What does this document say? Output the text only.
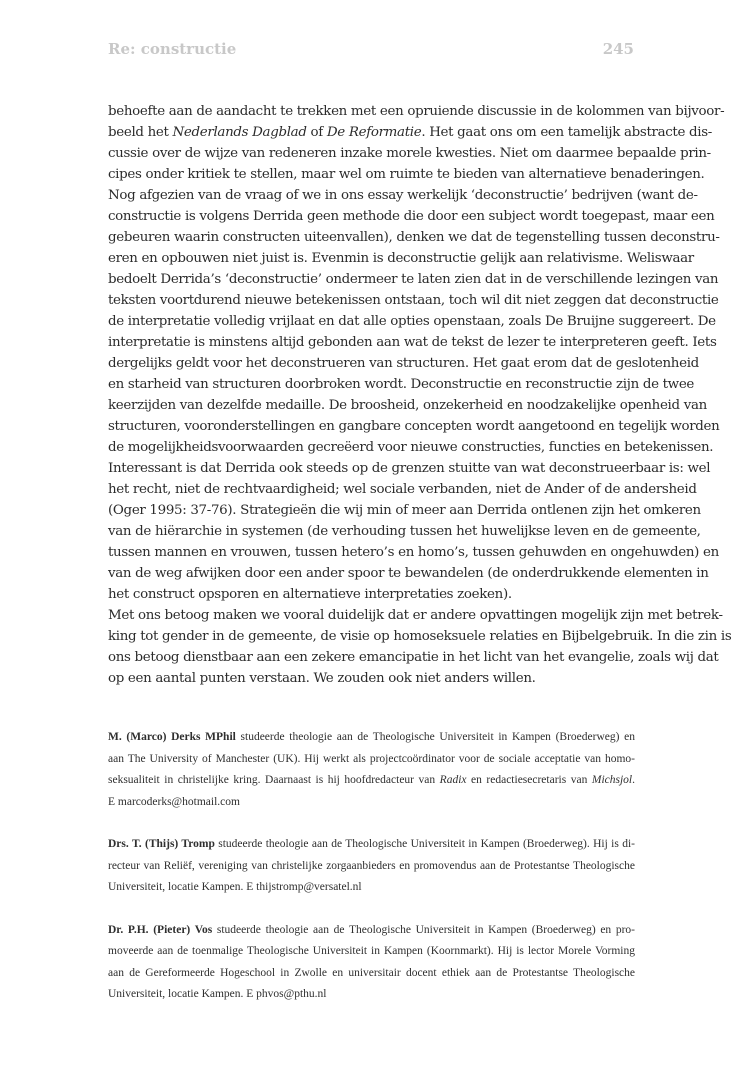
Re: constructie	245
behoefte aan de aandacht te trekken met een opruiende discussie in de kolommen van bijvoor-
beeld het Nederlands Dagblad of De Reformatie. Het gaat ons om een tamelijk abstracte dis-
cussie over de wijze van redeneren inzake morele kwesties. Niet om daarmee bepaalde prin-
cipes onder kritiek te stellen, maar wel om ruimte te bieden van alternatieve benaderingen.
Nog afgezien van de vraag of we in ons essay werkelijk ‘deconstructie’ bedrijven (want de-
constructie is volgens Derrida geen methode die door een subject wordt toegepast, maar een
gebeuren waarin constructen uiteenvallen), denken we dat de tegenstelling tussen deconstru-
eren en opbouwen niet juist is. Evenmin is deconstructie gelijk aan relativisme. Weliswaar
bedoelt Derrida’s ‘deconstructie’ ondermeer te laten zien dat in de verschillende lezingen van
teksten voortdurend nieuwe betekenissen ontstaan, toch wil dit niet zeggen dat deconstructie
de interpretatie volledig vrijlaat en dat alle opties openstaan, zoals De Bruijne suggereert. De
interpretatie is minstens altijd gebonden aan wat de tekst de lezer te interpreteren geeft. Iets
dergelijks geldt voor het deconstrueren van structuren. Het gaat erom dat de geslotenheid
en starheid van structuren doorbroken wordt. Deconstructie en reconstructie zijn de twee
keerzijden van dezelfde medaille. De broosheid, onzekerheid en noodzakelijke openheid van
structuren, vooronderstellingen en gangbare concepten wordt aangetoond en tegelijk worden
de mogelijkheidsvoorwaarden gecreëerd voor nieuwe constructies, functies en betekenissen.
Interessant is dat Derrida ook steeds op de grenzen stuitte van wat deconstrueerbaar is: wel
het recht, niet de rechtvaardigheid; wel sociale verbanden, niet de Ander of de andersheid
(Oger 1995: 37-76). Strategieën die wij min of meer aan Derrida ontlenen zijn het omkeren
van de hiërarchie in systemen (de verhouding tussen het huwelijkse leven en de gemeente,
tussen mannen en vrouwen, tussen hetero’s en homo’s, tussen gehuwden en ongehuwden) en
van de weg afwijken door een ander spoor te bewandelen (de onderdrukkende elementen in
het construct opsporen en alternatieve interpretaties zoeken).
Met ons betoog maken we vooral duidelijk dat er andere opvattingen mogelijk zijn met betrek-
king tot gender in de gemeente, de visie op homoseksuele relaties en Bijbelgebruik. In die zin is
ons betoog dienstbaar aan een zekere emancipatie in het licht van het evangelie, zoals wij dat
op een aantal punten verstaan. We zouden ook niet anders willen.
M. (Marco) Derks MPhil studeerde theologie aan de Theologische Universiteit in Kampen (Broederweg) en
aan The University of Manchester (UK). Hij werkt als projectcoördinator voor de sociale acceptatie van homo-
seksualiteit in christelijke kring. Daarnaast is hij hoofdredacteur van Radix en redactiesecretaris van Michsjol.
E marcoderks@hotmail.com
Drs. T. (Thijs) Tromp studeerde theologie aan de Theologische Universiteit in Kampen (Broederweg). Hij is di-
recteur van Reliëf, vereniging van christelijke zorgaanbieders en promovendus aan de Protestantse Theologische
Universiteit, locatie Kampen. E thijstromp@versatel.nl
Dr. P.H. (Pieter) Vos studeerde theologie aan de Theologische Universiteit in Kampen (Broederweg) en pro-
moveerde aan de toenmalige Theologische Universiteit in Kampen (Koornmarkt). Hij is lector Morele Vorming
aan de Gereformeerde Hogeschool in Zwolle en universitair docent ethiek aan de Protestantse Theologische
Universiteit, locatie Kampen. E phvos@pthu.nl
